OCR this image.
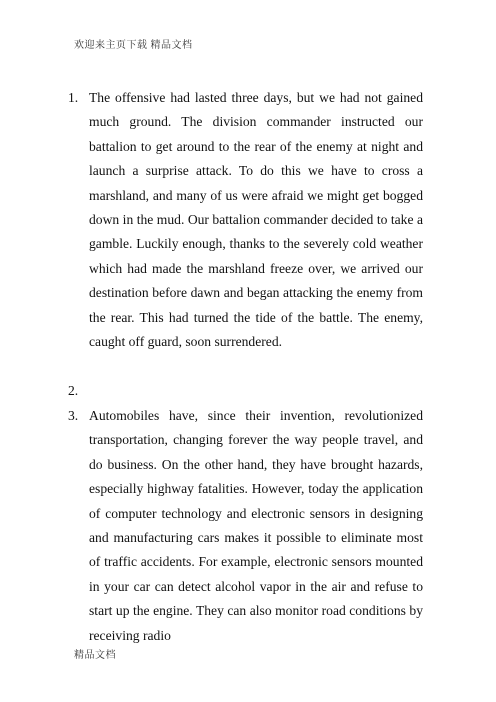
欢迎来主页下载 精品文档
1. The offensive had lasted three days, but we had not gained much ground. The division commander instructed our battalion to get around to the rear of the enemy at night and launch a surprise attack. To do this we have to cross a marshland, and many of us were afraid we might get bogged down in the mud. Our battalion commander decided to take a gamble. Luckily enough, thanks to the severely cold weather which had made the marshland freeze over, we arrived our destination before dawn and began attacking the enemy from the rear. This had turned the tide of the battle. The enemy, caught off guard, soon surrendered.
2.
3. Automobiles have, since their invention, revolutionized transportation, changing forever the way people travel, and do business. On the other hand, they have brought hazards, especially highway fatalities. However, today the application of computer technology and electronic sensors in designing and manufacturing cars makes it possible to eliminate most of traffic accidents. For example, electronic sensors mounted in your car can detect alcohol vapor in the air and refuse to start up the engine. They can also monitor road conditions by receiving radio
精品文档
